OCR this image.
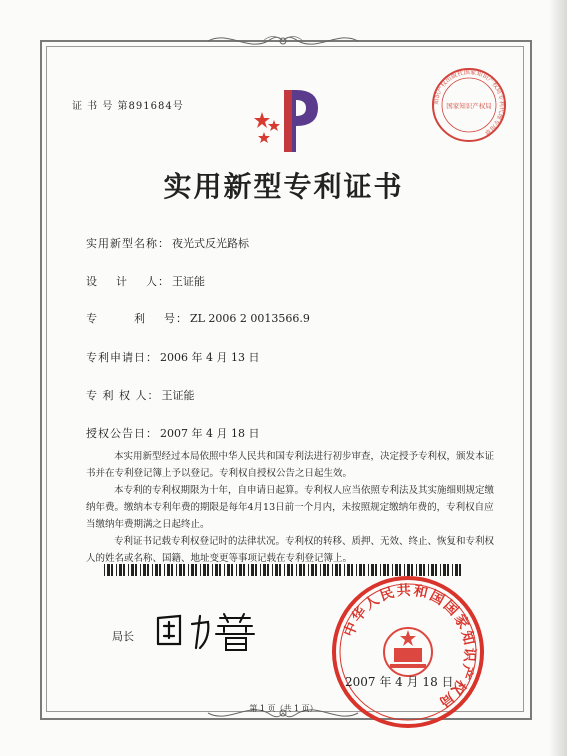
证 书 号 第891684号	知识产权出版社国家知识产权局专利代理专用章
国家知识产权局
实用新型专利证书
实用新型名称： 夜光式反光路标
设    计    人： 王证能
专        利    号： ZL 2006 2 0013566.9
专利申请日： 2006 年 4 月 13 日
专 利 权 人： 王证能
授权公告日： 2007 年 4 月 18 日

本实用新型经过本局依照中华人民共和国专利法进行初步审查，决定授予专利权，颁发本证书并在专利登记簿上予以登记。专利权自授权公告之日起生效。

本专利的专利权期限为十年，自申请日起算。专利权人应当依照专利法及其实施细则规定缴纳年费。缴纳本专利年费的期限是每年4月13日前一个月内，未按照规定缴纳年费的，专利权自应当缴纳年费期满之日起终止。

专利证书记载专利权登记时的法律状况。专利权的转移、质押、无效、终止、恢复和专利权人的姓名或名称、国籍、地址变更等事项记载在专利登记簿上。

局长	中华人民共和国国家知识产权局
2007 年 4 月 18 日
第 1 页（共 1 页）
